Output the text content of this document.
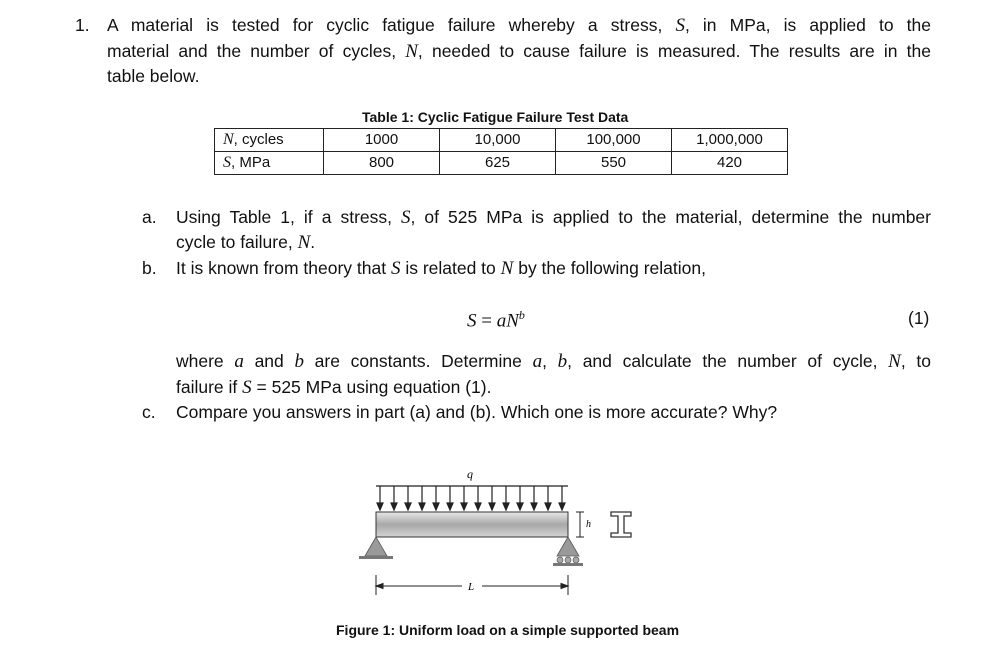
1. A material is tested for cyclic fatigue failure whereby a stress, S, in MPa, is applied to the
material and the number of cycles, N, needed to cause failure is measured. The results are in the
table below.
Table 1: Cyclic Fatigue Failure Test Data
N, cycles	1000	10,000	100,000	1,000,000
S, MPa	800	625	550	420
a. Using Table 1, if a stress, S, of 525 MPa is applied to the material, determine the number
cycle to failure, N.
b. It is known from theory that S is related to N by the following relation,
$S = aN^b$	(1)
where a and b are constants. Determine a, b, and calculate the number of cycle, N, to
failure if S = 525 MPa using equation (1).
c. Compare you answers in part (a) and (b). Which one is more accurate? Why?
q
h
L
Figure 1: Uniform load on a simple supported beam
